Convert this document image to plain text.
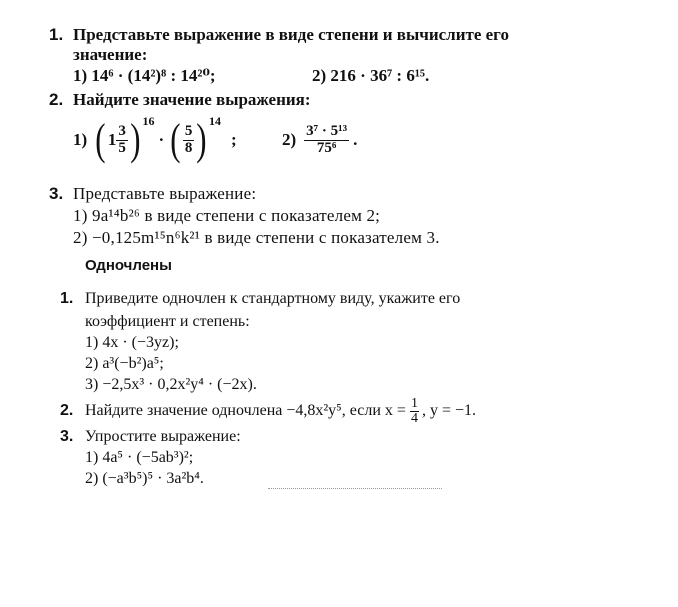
1. Представьте выражение в виде степени и вычислите его
значение:
1) 14⁶ · (14²)⁸ : 14²⁰;	2) 216 · 36⁷ : 6¹⁵.
2. Найдите значение выражения:
1) ( $1 \frac{3}{5}$ ) 16
· ( $\frac{5}{8}$ ) 14
;	$2) \frac{\text{3⁷ · 5¹³}}{\text{75⁶}}$ .
3. Представьте выражение:
1) 9a¹⁴b²⁶ в виде степени с показателем 2;
2) −0,125m¹⁵n⁶k²¹ в виде степени с показателем 3.
Одночлены
1. Приведите одночлен к стандартному виду, укажите его
коэффициент и степень:
1) 4x · (−3yz);
2) a³(−b²)a⁵;
3) −2,5x³ · 0,2x²y⁴ · (−2x).
2. Найдите значение одночлена −4,8x²y⁵, если $x = \frac{1}{4}$ , y = −1.
3. Упростите выражение:
1) 4a⁵ · (−5ab³)²;
2) (−a³b⁵)⁵ · 3a²b⁴.
